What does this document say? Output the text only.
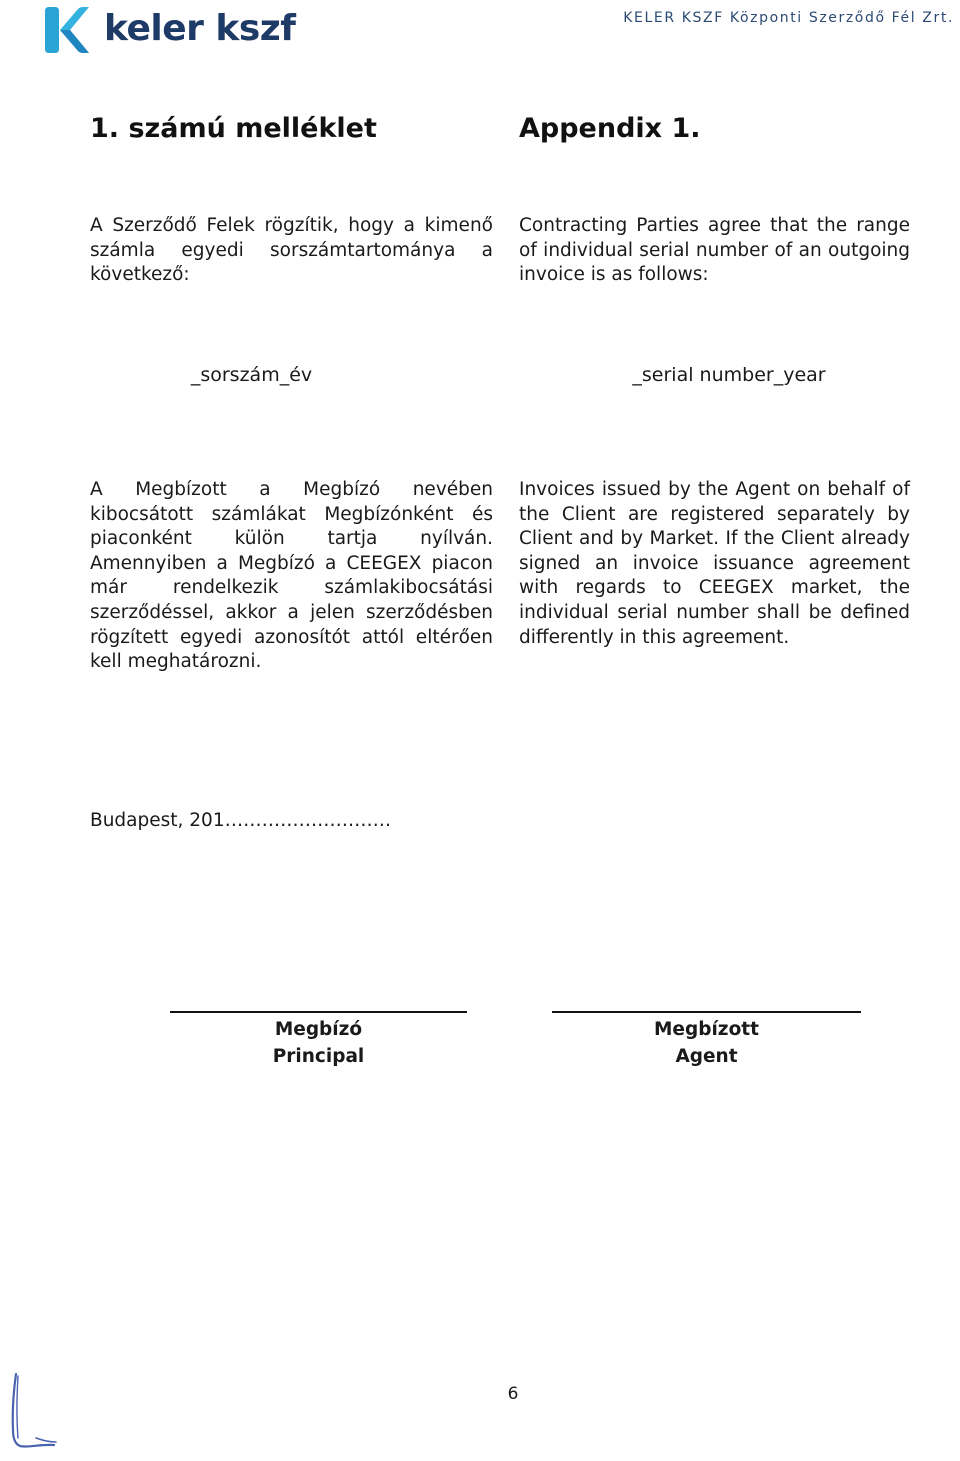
keler kszf	KELER KSZF Központi Szerződő Fél Zrt.
1. számú melléklet	Appendix 1.
A Szerződő Felek rögzítik, hogy a kimenő számla egyedi sorszámtartománya a következő:
Contracting Parties agree that the range of individual serial number of an outgoing invoice is as follows:
_sorszám_év	_serial number_year
A Megbízott a Megbízó nevében kibocsátott számlákat Megbízónként és piaconként külön tartja nyílván. Amennyiben a Megbízó a CEEGEX piacon már rendelkezik számlakibocsátási szerződéssel, akkor a jelen szerződésben rögzített egyedi azonosítót attól eltérően kell meghatározni.
Invoices issued by the Agent on behalf of the Client are registered separately by Client and by Market. If the Client already signed an invoice issuance agreement with regards to CEEGEX market, the individual serial number shall be defined differently in this agreement.
Budapest, 201………………………
Megbízó
Principal
Megbízott
Agent
6
